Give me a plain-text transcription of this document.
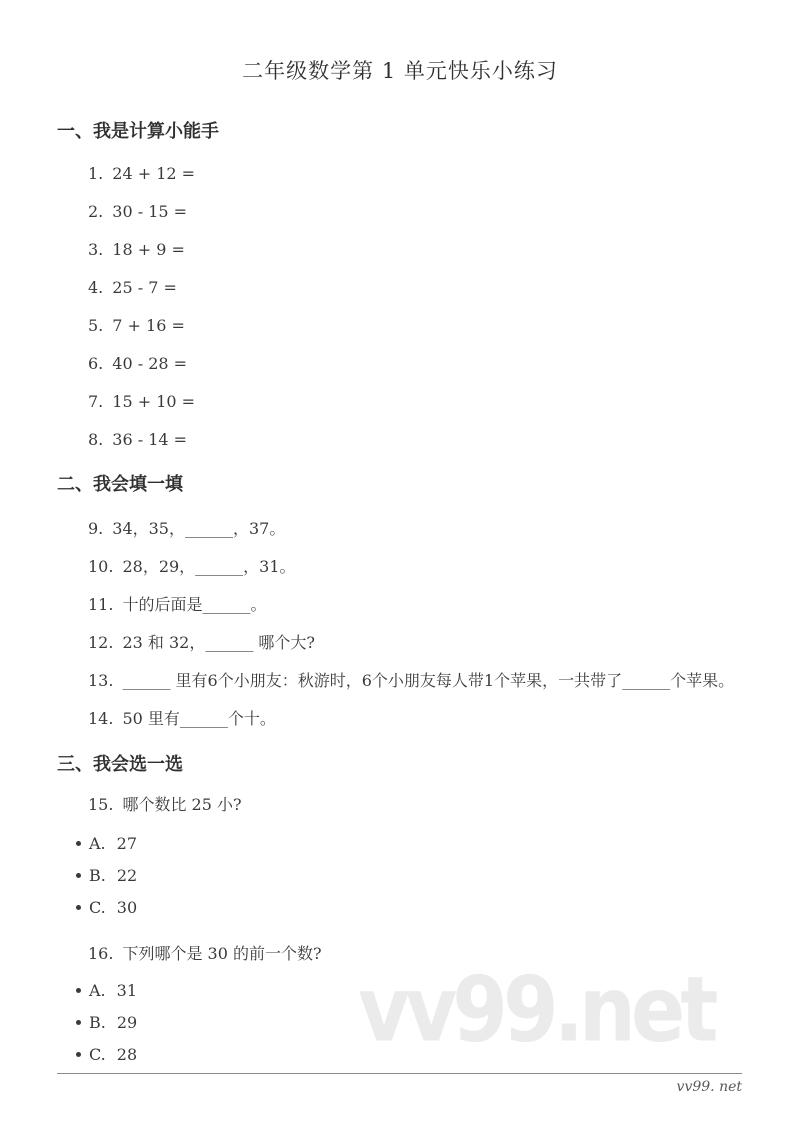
vv99.net
二年级数学第 1 单元快乐小练习
一、我是计算小能手
1. 24 + 12 =
2. 30 - 15 =
3. 18 + 9 =
4. 25 - 7 =
5. 7 + 16 =
6. 40 - 28 =
7. 15 + 10 =
8. 36 - 14 =
二、我会填一填
9. 34，35，______，37。
10. 28，29，______，31。
11. 十的后面是______。
12. 23 和 32，______ 哪个大?
13. ______ 里有6个小朋友：秋游时，6个小朋友每人带1个苹果，一共带了______个苹果。
14. 50 里有______个十。
三、我会选一选
15. 哪个数比 25 小?
A. 27
B. 22
C. 30
16. 下列哪个是 30 的前一个数?
A. 31
B. 29
C. 28
vv99. net
